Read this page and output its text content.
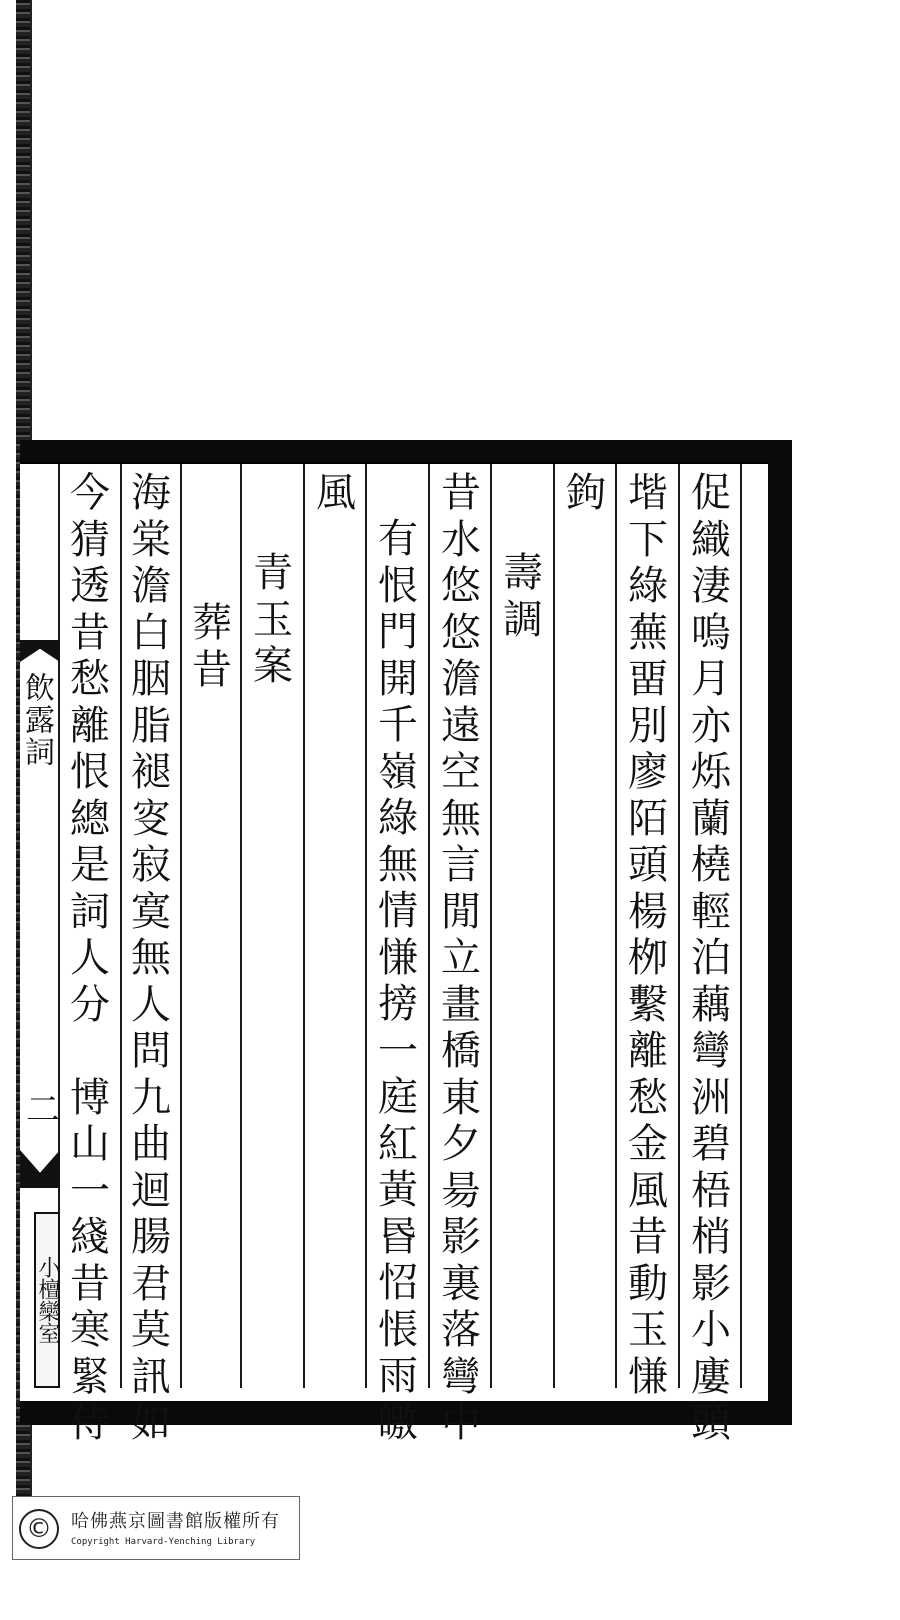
促
織
淒
嗚
月
亦
烁
蘭
橈
輕
泊
藕
彎
洲
碧
梧
梢
影
小
廔
頭
堦
下
綠
蕪
畱
別
廖
陌
頭
楊
栁
繫
離
愁
金
風
昔
動
玉
慊
鉤
壽
調
昔
水
悠
悠
澹
遠
空
無
言
閒
立
畫
橋
東
夕
昜
影
裏
落
彎
中
有
恨
門
開
千
嶺
綠
無
情
慊
搒
一
庭
紅
黃
昬
怊
悵
雨
皦
風
青
玉
案
葬
昔
海
棠
澹
白
胭
脂
褪
叜
寂
寞
無
人
問
九
曲
迴
腸
君
莫
訊
如
今
猜
透
昔
愁
離
恨
總
是
詞
人
分

博
山
一
綫
昔
寒
緊
侍
飲露詞
二
小檀欒室
©	哈佛燕京圖書館版權所有
Copyright Harvard-Yenching Library
